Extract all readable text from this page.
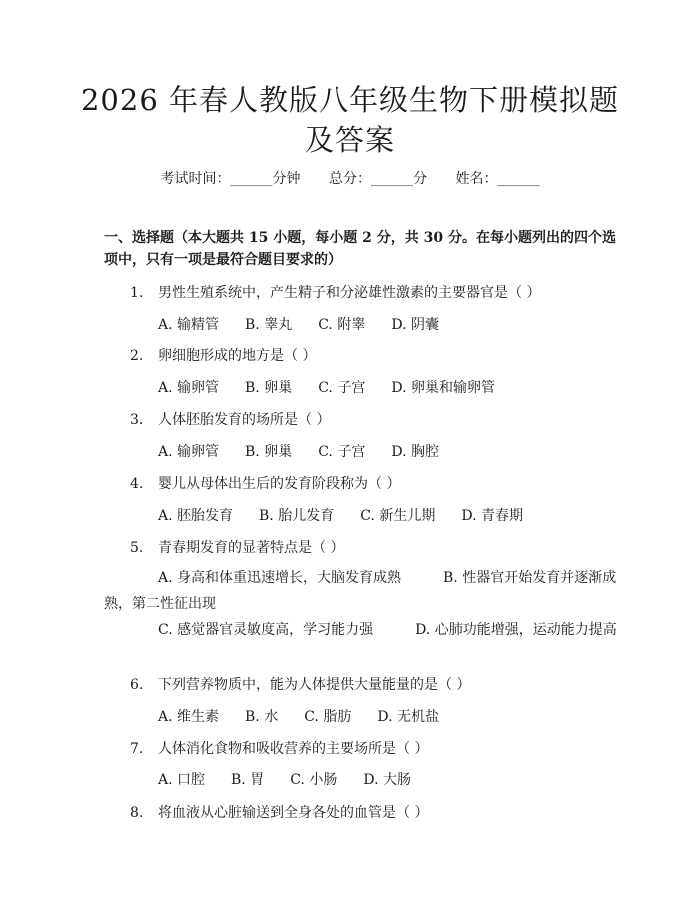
2026 年春人教版八年级生物下册模拟题及答案
考试时间：______分钟 总分：______分 姓名：______
一、选择题（本大题共 15 小题，每小题 2 分，共 30 分。在每小题列出的四个选项中，只有一项是最符合题目要求的）
1. 男性生殖系统中，产生精子和分泌雄性激素的主要器官是（ ）
A. 输精管 B. 睾丸 C. 附睾 D. 阴囊
2. 卵细胞形成的地方是（ ）
A. 输卵管 B. 卵巢 C. 子宫 D. 卵巢和输卵管
3. 人体胚胎发育的场所是（ ）
A. 输卵管 B. 卵巢 C. 子宫 D. 胸腔
4. 婴儿从母体出生后的发育阶段称为（ ）
A. 胚胎发育 B. 胎儿发育 C. 新生儿期 D. 青春期
5. 青春期发育的显著特点是（ ）
A. 身高和体重迅速增长，大脑发育成熟　　　B. 性器官开始发育并逐渐成熟，第二性征出现
C. 感觉器官灵敏度高，学习能力强　　　D. 心肺功能增强，运动能力提高
6. 下列营养物质中，能为人体提供大量能量的是（ ）
A. 维生素 B. 水 C. 脂肪 D. 无机盐
7. 人体消化食物和吸收营养的主要场所是（ ）
A. 口腔 B. 胃 C. 小肠 D. 大肠
8. 将血液从心脏输送到全身各处的血管是（ ）
